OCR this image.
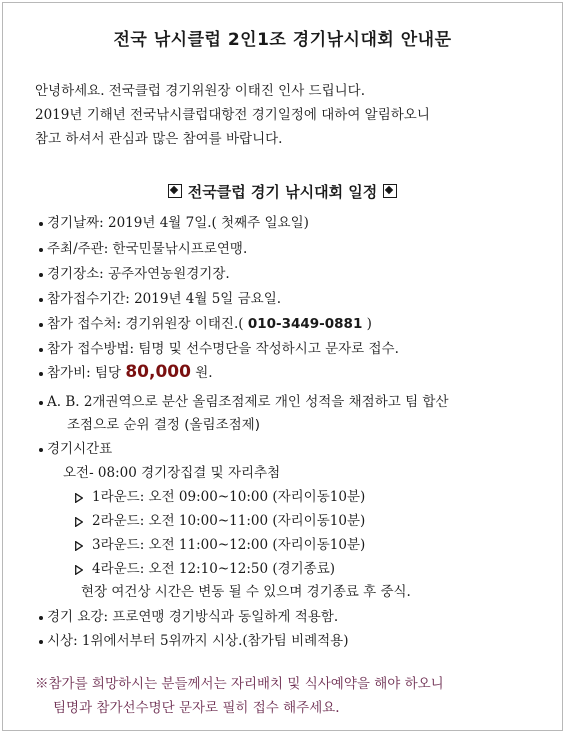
전국 낚시클럽 2인1조 경기낚시대회 안내문
안녕하세요. 전국클럽 경기위원장 이태진 인사 드립니다.
2019년 기해년 전국낚시클럽대항전 경기일정에 대하여 알림하오니
참고 하셔서 관심과 많은 참여를 바랍니다.
전국클럽 경기 낚시대회 일정
경기날짜: 2019년 4월 7일.( 첫째주 일요일)
주최/주관: 한국민물낚시프로연맹.
경기장소: 공주자연농원경기장.
참가접수기간: 2019년 4월 5일 금요일.
참가 접수처: 경기위원장 이태진.( 010-3449-0881 )
참가 접수방법: 팀명 및 선수명단을 작성하시고 문자로 접수.
참가비: 팀당 80,000 원.
A. B. 2개권역으로 분산 올림조점제로 개인 성적을 채점하고 팀 합산
조점으로 순위 결정 (올림조점제)
경기시간표
오전- 08:00 경기장집결 및 자리추첨
1라운드: 오전 09:00~10:00 (자리이동10분)
2라운드: 오전 10:00~11:00 (자리이동10분)
3라운드: 오전 11:00~12:00 (자리이동10분)
4라운드: 오전 12:10~12:50 (경기종료)
현장 여건상 시간은 변동 될 수 있으며 경기종료 후 중식.
경기 요강: 프로연맹 경기방식과 동일하게 적용함.
시상: 1위에서부터 5위까지 시상.(참가팀 비례적용)
※참가를 희망하시는 분들께서는 자리배치 및 식사예약을 해야 하오니
팀명과 참가선수명단 문자로 필히 접수 해주세요.
